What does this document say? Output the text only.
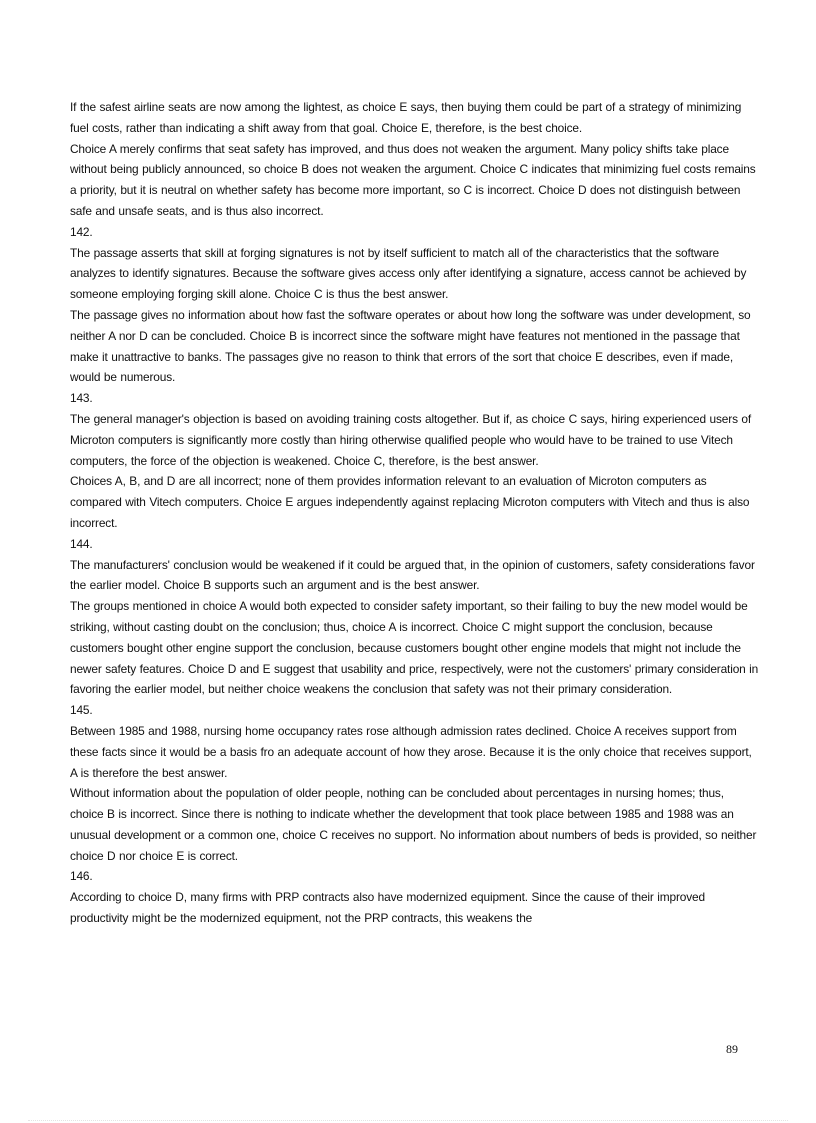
If the safest airline seats are now among the lightest, as choice E says, then buying them could be part of a strategy of minimizing fuel costs, rather than indicating a shift away from that goal. Choice E, therefore, is the best choice.

Choice A merely confirms that seat safety has improved, and thus does not weaken the argument. Many policy shifts take place without being publicly announced, so choice B does not weaken the argument. Choice C indicates that minimizing fuel costs remains a priority, but it is neutral on whether safety has become more important, so C is incorrect. Choice D does not distinguish between safe and unsafe seats, and is thus also incorrect.

142.

The passage asserts that skill at forging signatures is not by itself sufficient to match all of the characteristics that the software analyzes to identify signatures. Because the software gives access only after identifying a signature, access cannot be achieved by someone employing forging skill alone. Choice C is thus the best answer.

The passage gives no information about how fast the software operates or about how long the software was under development, so neither A nor D can be concluded. Choice B is incorrect since the software might have features not mentioned in the passage that make it unattractive to banks. The passages give no reason to think that errors of the sort that choice E describes, even if made, would be numerous.

143.

The general manager's objection is based on avoiding training costs altogether. But if, as choice C says, hiring experienced users of Microton computers is significantly more costly than hiring otherwise qualified people who would have to be trained to use Vitech computers, the force of the objection is weakened. Choice C, therefore, is the best answer.

Choices A, B, and D are all incorrect; none of them provides information relevant to an evaluation of Microton computers as compared with Vitech computers. Choice E argues independently against replacing Microton computers with Vitech and thus is also incorrect.

144.

The manufacturers' conclusion would be weakened if it could be argued that, in the opinion of customers, safety considerations favor the earlier model. Choice B supports such an argument and is the best answer.

The groups mentioned in choice A would both expected to consider safety important, so their failing to buy the new model would be striking, without casting doubt on the conclusion; thus, choice A is incorrect. Choice C might support the conclusion, because customers bought other engine support the conclusion, because customers bought other engine models that might not include the newer safety features. Choice D and E suggest that usability and price, respectively, were not the customers' primary consideration in favoring the earlier model, but neither choice weakens the conclusion that safety was not their primary consideration.

145.

Between 1985 and 1988, nursing home occupancy rates rose although admission rates declined. Choice A receives support from these facts since it would be a basis fro an adequate account of how they arose. Because it is the only choice that receives support, A is therefore the best answer.

Without information about the population of older people, nothing can be concluded about percentages in nursing homes; thus, choice B is incorrect. Since there is nothing to indicate whether the development that took place between 1985 and 1988 was an unusual development or a common one, choice C receives no support. No information about numbers of beds is provided, so neither choice D nor choice E is correct.

146.

According to choice D, many firms with PRP contracts also have modernized equipment. Since the cause of their improved productivity might be the modernized equipment, not the PRP contracts, this weakens the

89
